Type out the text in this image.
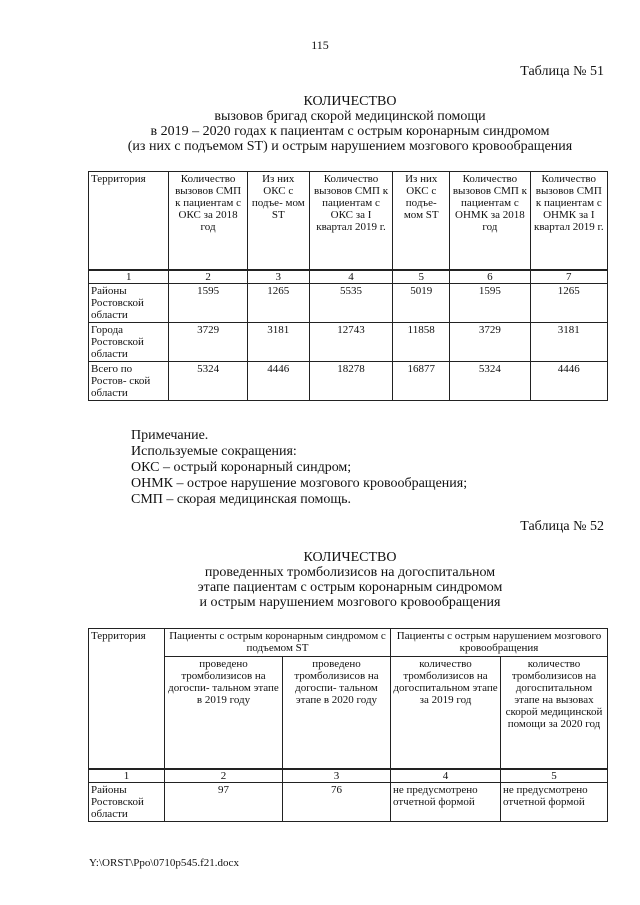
115
Таблица № 51
КОЛИЧЕСТВО
вызовов бригад скорой медицинской помощи
в 2019 – 2020 годах к пациентам с острым коронарным синдромом
(из них с подъемом ST) и острым нарушением мозгового кровообращения
Территория	Количество вызовов СМП к пациентам с ОКС за 2018 год	Из них ОКС с подъе- мом ST	Количество вызовов СМП к пациентам с ОКС за I квартал 2019 г.	Из них ОКС с подъе- мом ST	Количество вызовов СМП к пациентам с ОНМК за 2018 год	Количество вызовов СМП к пациентам с ОНМК за I квартал 2019 г.
1	2	3	4	5	6	7
Районы Ростовской области	1595	1265	5535	5019	1595	1265
Города Ростовской области	3729	3181	12743	11858	3729	3181
Всего по Ростов- ской области	5324	4446	18278	16877	5324	4446
Примечание.
Используемые сокращения:
ОКС – острый коронарный синдром;
ОНМК – острое нарушение мозгового кровообращения;
СМП – скорая медицинская помощь.
Таблица № 52
КОЛИЧЕСТВО
проведенных тромболизисов на догоспитальном
этапе пациентам с острым коронарным синдромом
и острым нарушением мозгового кровообращения
Территория	Пациенты с острым коронарным синдромом с подъемом ST		Пациенты с острым нарушением мозгового кровообращения	
	проведено тромболизисов на догоспи- тальном этапе в 2019 году	проведено тромболизисов на догоспи- тальном этапе в 2020 году	количество тромболизисов на догоспитальном этапе за 2019 год	количество тромболизисов на догоспитальном этапе на вызовах скорой медицинской помощи за 2020 год
1	2	3	4	5
Районы Ростовской области	97	76	не предусмотрено отчетной формой	не предусмотрено отчетной формой
Y:\ORST\Ppo\0710p545.f21.docx
